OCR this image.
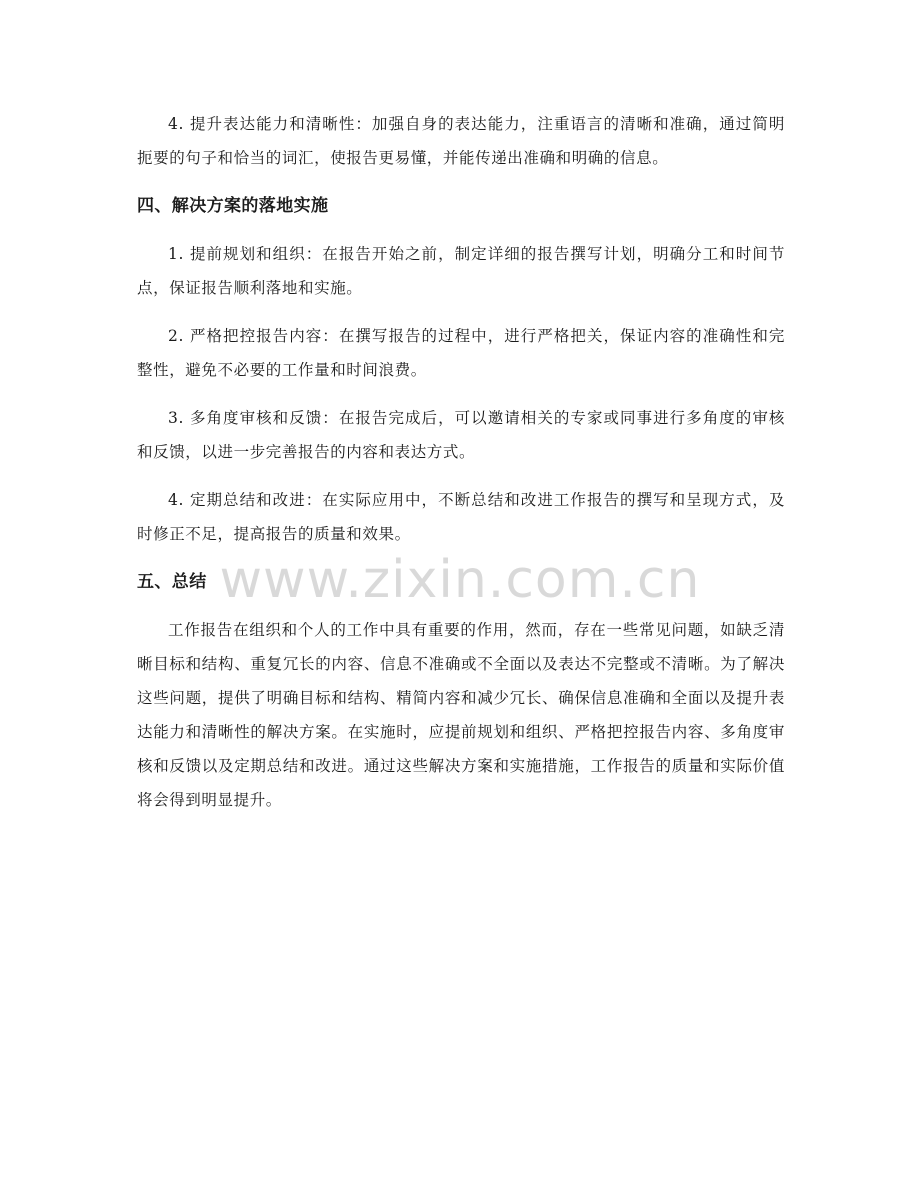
4. 提升表达能力和清晰性：加强自身的表达能力，注重语言的清晰和准确，通过简明扼要的句子和恰当的词汇，使报告更易懂，并能传递出准确和明确的信息。

四、解决方案的落地实施

1. 提前规划和组织：在报告开始之前，制定详细的报告撰写计划，明确分工和时间节点，保证报告顺利落地和实施。

2. 严格把控报告内容：在撰写报告的过程中，进行严格把关，保证内容的准确性和完整性，避免不必要的工作量和时间浪费。

3. 多角度审核和反馈：在报告完成后，可以邀请相关的专家或同事进行多角度的审核和反馈，以进一步完善报告的内容和表达方式。

4. 定期总结和改进：在实际应用中，不断总结和改进工作报告的撰写和呈现方式，及时修正不足，提高报告的质量和效果。

五、总结

工作报告在组织和个人的工作中具有重要的作用，然而，存在一些常见问题，如缺乏清晰目标和结构、重复冗长的内容、信息不准确或不全面以及表达不完整或不清晰。为了解决这些问题，提供了明确目标和结构、精简内容和减少冗长、确保信息准确和全面以及提升表达能力和清晰性的解决方案。在实施时，应提前规划和组织、严格把控报告内容、多角度审核和反馈以及定期总结和改进。通过这些解决方案和实施措施，工作报告的质量和实际价值将会得到明显提升。

www.zixin.com.cn
